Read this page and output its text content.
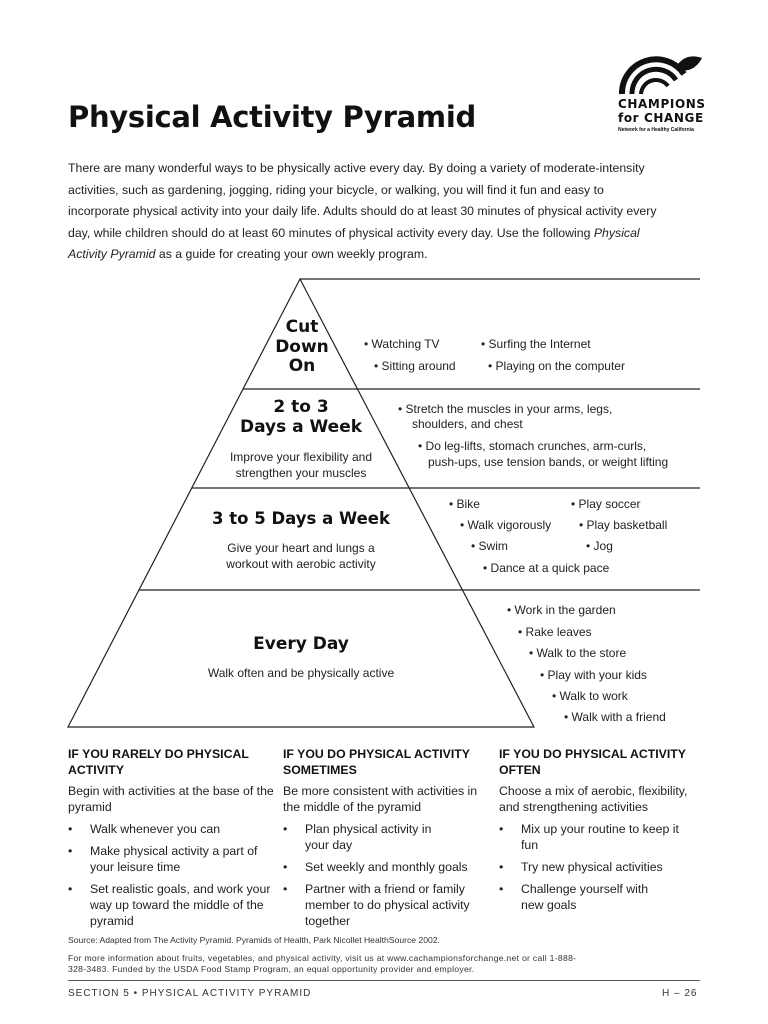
Physical Activity Pyramid	CHAMPIONS
for CHANGE
Network for a Healthy California

There are many wonderful ways to be physically active every day. By doing a variety of moderate-intensity activities, such as gardening, jogging, riding your bicycle, or walking, you will find it fun and easy to incorporate physical activity into your daily life. Adults should do at least 30 minutes of physical activity every day, while children should do at least 60 minutes of physical activity every day. Use the following Physical Activity Pyramid as a guide for creating your own weekly program.

Cut
Down
On
• Watching TV	• Surfing the Internet
• Sitting around	• Playing on the computer
2 to 3
Days a Week
Improve your flexibility and
strengthen your muscles
• Stretch the muscles in your arms, legs,
shoulders, and chest
• Do leg-lifts, stomach crunches, arm-curls,
push-ups, use tension bands, or weight lifting
3 to 5 Days a Week
Give your heart and lungs a
workout with aerobic activity
• Bike	• Play soccer
• Walk vigorously • Play basketball
• Swim	• Jog
• Dance at a quick pace
Every Day
Walk often and be physically active
• Work in the garden
• Rake leaves
• Walk to the store
• Play with your kids
• Walk to work
• Walk with a friend
IF YOU RARELY DO PHYSICAL ACTIVITY
Begin with activities at the base of the pyramid
• Walk whenever you can
• Make physical activity a part of your leisure time
• Set realistic goals, and work your way up toward the middle of the pyramid
IF YOU DO PHYSICAL ACTIVITY SOMETIMES
Be more consistent with activities in the middle of the pyramid
• Plan physical activity in your day
• Set weekly and monthly goals
• Partner with a friend or family member to do physical activity together
IF YOU DO PHYSICAL ACTIVITY OFTEN
Choose a mix of aerobic, flexibility, and strengthening activities
• Mix up your routine to keep it fun
• Try new physical activities
• Challenge yourself with new goals
Source: Adapted from The Activity Pyramid. Pyramids of Health, Park Nicollet HealthSource 2002.
For more information about fruits, vegetables, and physical activity, visit us at www.cachampionsforchange.net or call 1-888-328-3483. Funded by the USDA Food Stamp Program, an equal opportunity provider and employer.
SECTION 5 • PHYSICAL ACTIVITY PYRAMID	H – 26
